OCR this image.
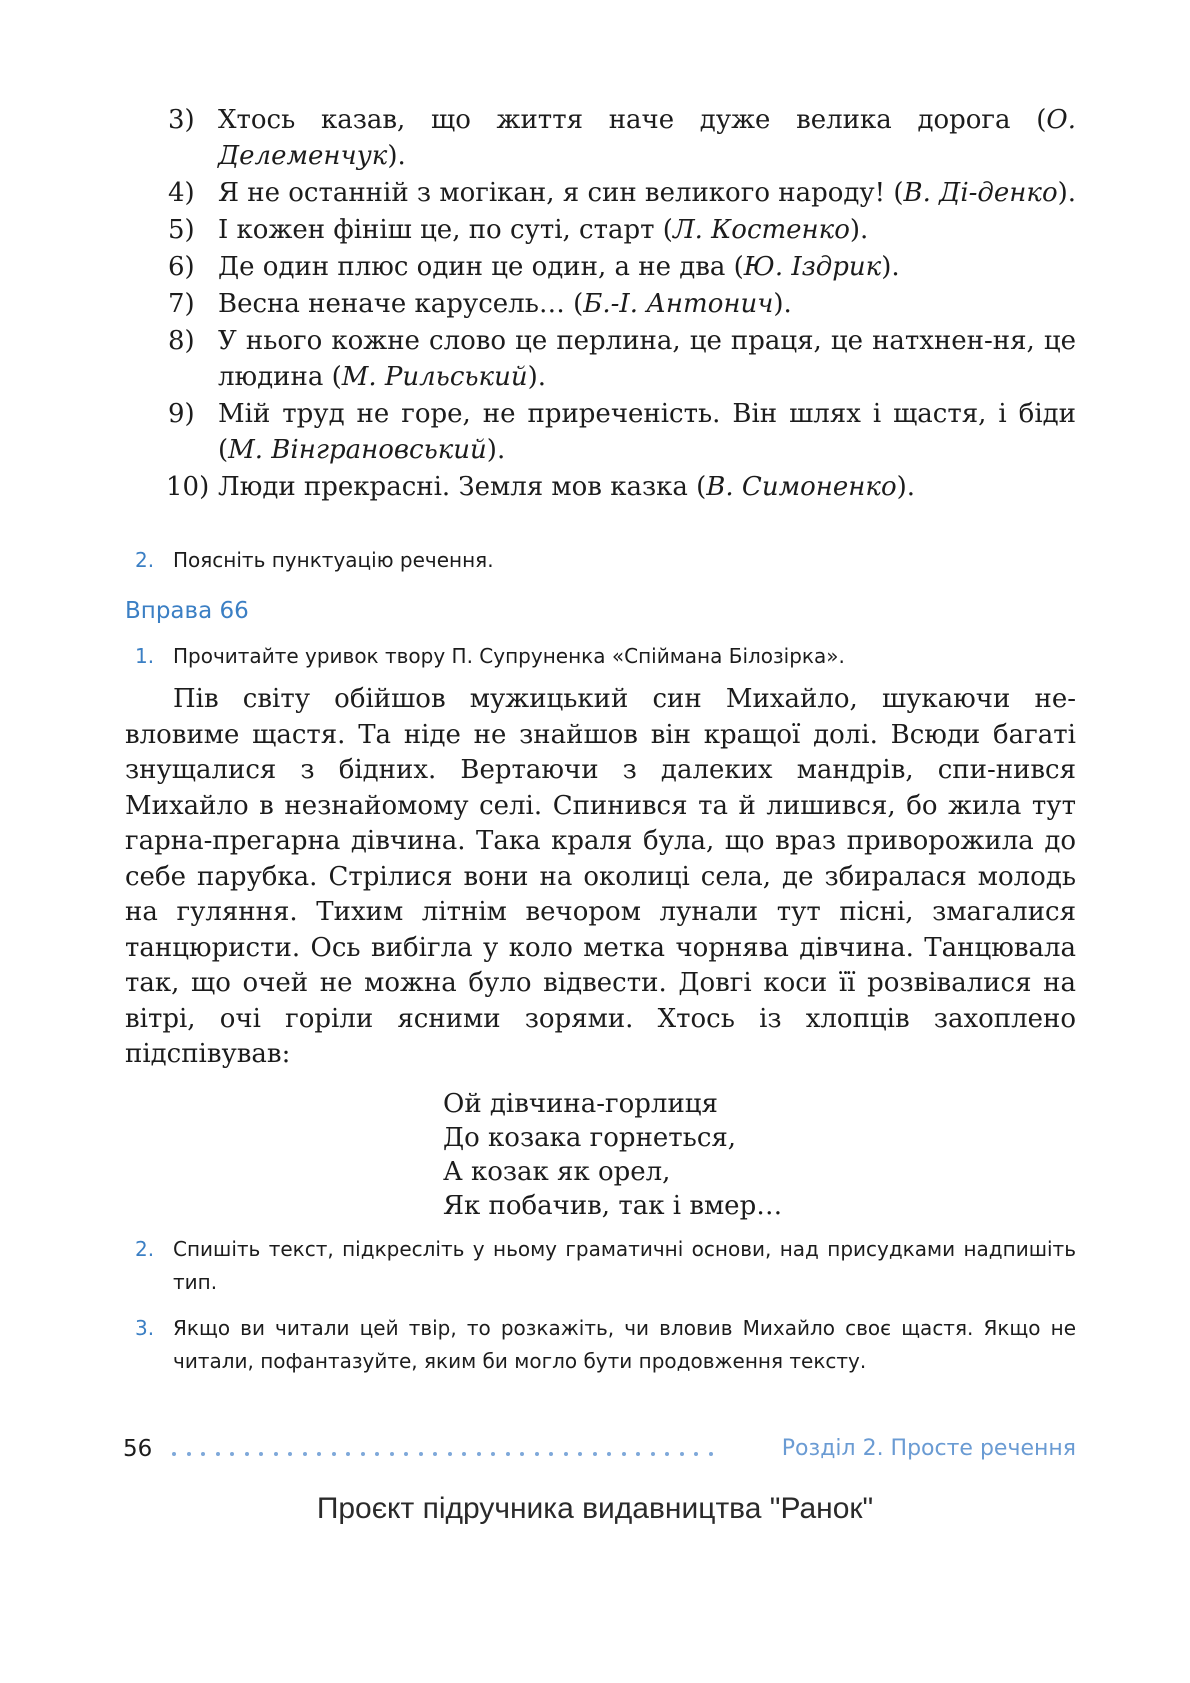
3) Хтось казав, що життя наче дуже велика дорога (О. Делеменчук).
4) Я не останній з могікан, я син великого народу! (В. Ді-денко).
5) І кожен фініш це, по суті, старт (Л. Костенко).
6) Де один плюс один це один, а не два (Ю. Іздрик).
7) Весна неначе карусель… (Б.-І. Антонич).
8) У нього кожне слово це перлина, це праця, це натхнен-ня, це людина (М. Рильський).
9) Мій труд не горе, не приреченість. Він шлях і щастя, і біди (М. Вінграновський).
10) Люди прекрасні. Земля мов казка (В. Симоненко).
2. Поясніть пунктуацію речення.
Вправа 66
1. Прочитайте уривок твору П. Супруненка «Спіймана Білозірка».
Пів світу обійшов мужицький син Михайло, шукаючи не-вловиме щастя. Та ніде не знайшов він кращої долі. Всюди багаті знущалися з бідних. Вертаючи з далеких мандрів, спи-нився Михайло в незнайомому селі. Спинився та й лишився, бо жила тут гарна-прегарна дівчина. Така краля була, що враз приворожила до себе парубка. Стрілися вони на околиці села, де збиралася молодь на гуляння. Тихим літнім вечором лунали тут пісні, змагалися танцюристи. Ось вибігла у коло метка чорнява дівчина. Танцювала так, що очей не можна було відвести. Довгі коси її розвівалися на вітрі, очі горіли ясними зорями. Хтось із хлопців захоплено підспівував:
Ой дівчина-горлиця
До козака горнеться,
А козак як орел,
Як побачив, так і вмер…
2. Спишіть текст, підкресліть у ньому граматичні основи, над присудками надпишіть тип.
3. Якщо ви читали цей твір, то розкажіть, чи вловив Михайло своє щастя. Якщо не читали, пофантазуйте, яким би могло бути продовження тексту.
56	Розділ 2. Просте речення
Проєкт підручника видавництва "Ранок"
